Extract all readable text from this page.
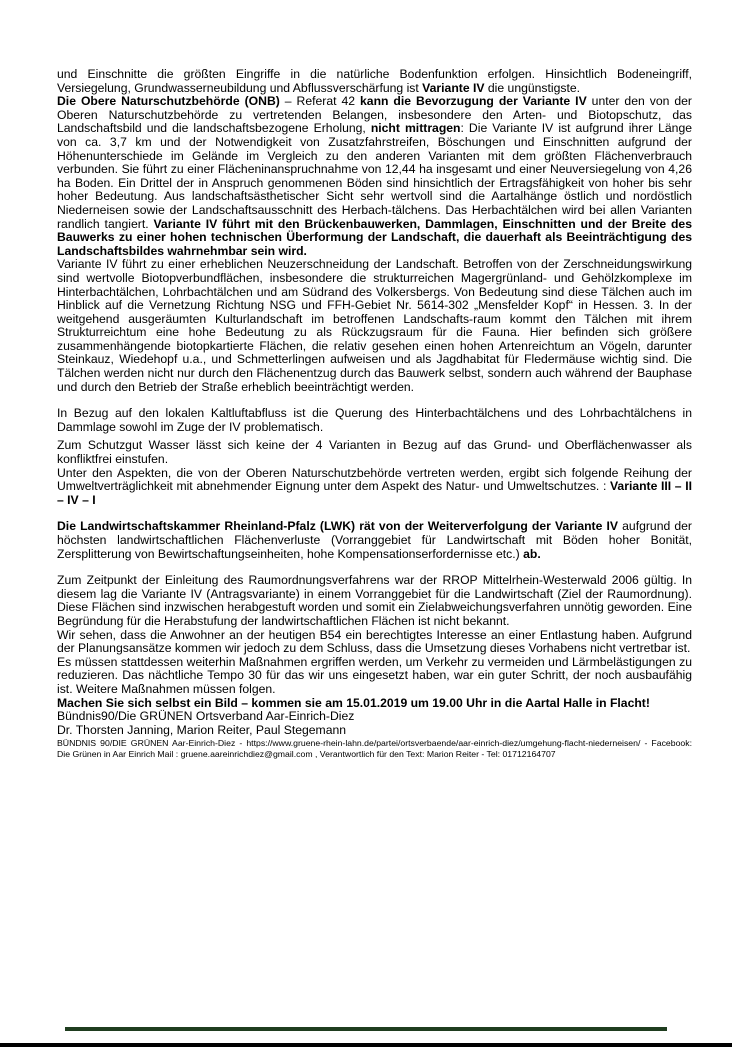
und Einschnitte die größten Eingriffe in die natürliche Bodenfunktion erfolgen. Hinsichtlich Bodeneingriff, Versiegelung, Grundwasserneubildung und Abflussverschärfung ist Variante IV die ungünstigste.

Die Obere Naturschutzbehörde (ONB) – Referat 42 kann die Bevorzugung der Variante IV unter den von der Oberen Naturschutzbehörde zu vertretenden Belangen, insbesondere den Arten- und Biotopschutz, das Landschaftsbild und die landschaftsbezogene Erholung, nicht mittragen: Die Variante IV ist aufgrund ihrer Länge von ca. 3,7 km und der Notwendigkeit von Zusatzfahrstreifen, Böschungen und Einschnitten aufgrund der Höhenunterschiede im Gelände im Vergleich zu den anderen Varianten mit dem größten Flächenverbrauch verbunden. Sie führt zu einer Flächeninanspruchnahme von 12,44 ha insgesamt und einer Neuversiegelung von 4,26 ha Boden. Ein Drittel der in Anspruch genommenen Böden sind hinsichtlich der Ertragsfähigkeit von hoher bis sehr hoher Bedeutung. Aus landschaftsästhetischer Sicht sehr wertvoll sind die Aartalhänge östlich und nordöstlich Niederneisen sowie der Landschaftsausschnitt des Herbach-tälchens. Das Herbachtälchen wird bei allen Varianten randlich tangiert. Variante IV führt mit den Brückenbauwerken, Dammlagen, Einschnitten und der Breite des Bauwerks zu einer hohen technischen Überformung der Landschaft, die dauerhaft als Beeinträchtigung des Landschaftsbildes wahrnehmbar sein wird.

Variante IV führt zu einer erheblichen Neuzerschneidung der Landschaft. Betroffen von der Zerschneidungswirkung sind wertvolle Biotopverbundflächen, insbesondere die strukturreichen Magergrünland- und Gehölzkomplexe im Hinterbachtälchen, Lohrbachtälchen und am Südrand des Volkersbergs. Von Bedeutung sind diese Tälchen auch im Hinblick auf die Vernetzung Richtung NSG und FFH-Gebiet Nr. 5614-302 „Mensfelder Kopf“ in Hessen. 3. In der weitgehend ausgeräumten Kulturlandschaft im betroffenen Landschafts-raum kommt den Tälchen mit ihrem Strukturreichtum eine hohe Bedeutung zu als Rückzugsraum für die Fauna. Hier befinden sich größere zusammenhängende biotopkartierte Flächen, die relativ gesehen einen hohen Artenreichtum an Vögeln, darunter Steinkauz, Wiedehopf u.a., und Schmetterlingen aufweisen und als Jagdhabitat für Fledermäuse wichtig sind. Die Tälchen werden nicht nur durch den Flächenentzug durch das Bauwerk selbst, sondern auch während der Bauphase und durch den Betrieb der Straße erheblich beeinträchtigt werden.

In Bezug auf den lokalen Kaltluftabfluss ist die Querung des Hinterbachtälchens und des Lohrbachtälchens in Dammlage sowohl im Zuge der IV problematisch.

Zum Schutzgut Wasser lässt sich keine der 4 Varianten in Bezug auf das Grund- und Oberflächenwasser als konfliktfrei einstufen.

Unter den Aspekten, die von der Oberen Naturschutzbehörde vertreten werden, ergibt sich folgende Reihung der Umweltverträglichkeit mit abnehmender Eignung unter dem Aspekt des Natur- und Umweltschutzes. : Variante III – II – IV – I

Die Landwirtschaftskammer Rheinland-Pfalz (LWK) rät von der Weiterverfolgung der Variante IV aufgrund der höchsten landwirtschaftlichen Flächenverluste (Vorranggebiet für Landwirtschaft mit Böden hoher Bonität, Zersplitterung von Bewirtschaftungseinheiten, hohe Kompensationserfordernisse etc.) ab.

Zum Zeitpunkt der Einleitung des Raumordnungsverfahrens war der RROP Mittelrhein-Westerwald 2006 gültig. In diesem lag die Variante IV (Antragsvariante) in einem Vorranggebiet für die Landwirtschaft (Ziel der Raumordnung). Diese Flächen sind inzwischen herabgestuft worden und somit ein Zielabweichungsverfahren unnötig geworden. Eine Begründung für die Herabstufung der landwirtschaftlichen Flächen ist nicht bekannt.

Wir sehen, dass die Anwohner an der heutigen B54 ein berechtigtes Interesse an einer Entlastung haben. Aufgrund der Planungsansätze kommen wir jedoch zu dem Schluss, dass die Umsetzung dieses Vorhabens nicht vertretbar ist.

Es müssen stattdessen weiterhin Maßnahmen ergriffen werden, um Verkehr zu vermeiden und Lärmbelästigungen zu reduzieren. Das nächtliche Tempo 30 für das wir uns eingesetzt haben, war ein guter Schritt, der noch ausbaufähig ist. Weitere Maßnahmen müssen folgen.

Machen Sie sich selbst ein Bild – kommen sie am 15.01.2019 um 19.00 Uhr in die Aartal Halle in Flacht!

Bündnis90/Die GRÜNEN Ortsverband Aar-Einrich-Diez

Dr. Thorsten Janning, Marion Reiter, Paul Stegemann

BÜNDNIS 90/DIE GRÜNEN Aar-Einrich-Diez - https://www.gruene-rhein-lahn.de/partei/ortsverbaende/aar-einrich-diez/umgehung-flacht-niederneisen/ - Facebook: Die Grünen in Aar Einrich Mail : gruene.aareinrichdiez@gmail.com , Verantwortlich für den Text: Marion Reiter - Tel: 01712164707
